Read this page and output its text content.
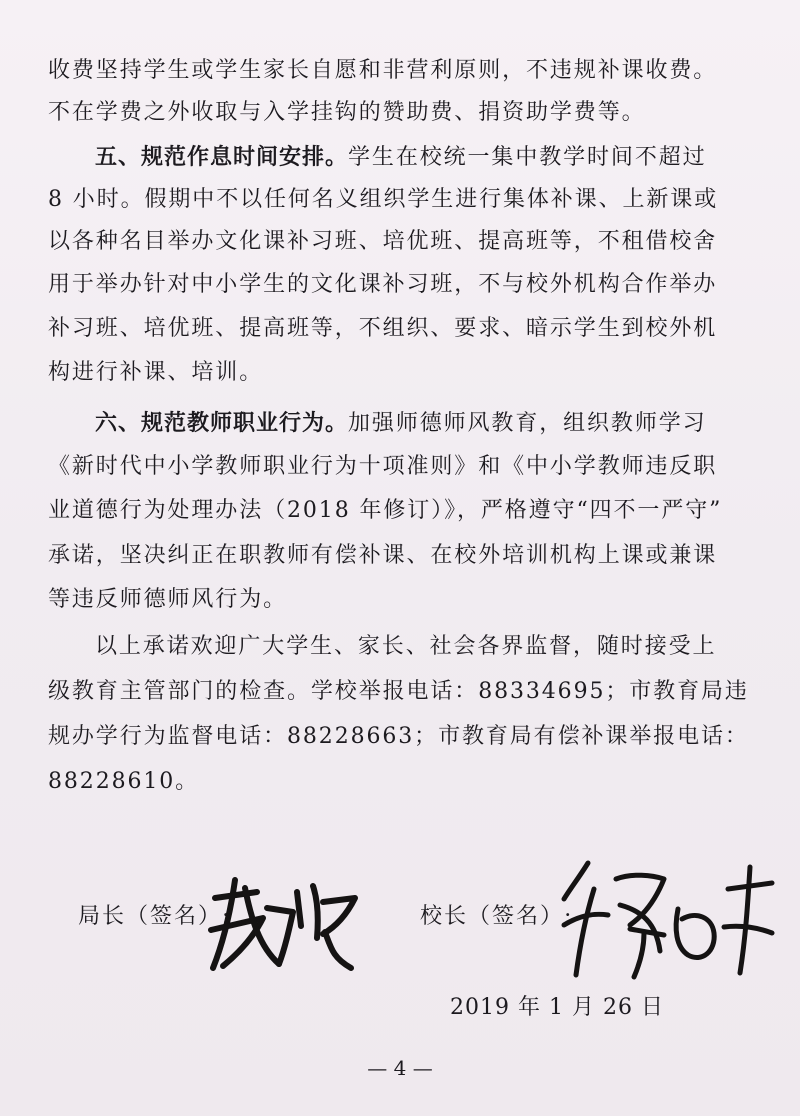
收费坚持学生或学生家长自愿和非营利原则，不违规补课收费。
不在学费之外收取与入学挂钩的赞助费、捐资助学费等。
五、规范作息时间安排。学生在校统一集中教学时间不超过
8 小时。假期中不以任何名义组织学生进行集体补课、上新课或
以各种名目举办文化课补习班、培优班、提高班等，不租借校舍
用于举办针对中小学生的文化课补习班，不与校外机构合作举办
补习班、培优班、提高班等，不组织、要求、暗示学生到校外机
构进行补课、培训。
六、规范教师职业行为。加强师德师风教育，组织教师学习
《新时代中小学教师职业行为十项准则》和《中小学教师违反职
业道德行为处理办法（2018 年修订）》，严格遵守“四不一严守”
承诺，坚决纠正在职教师有偿补课、在校外培训机构上课或兼课
等违反师德师风行为。
以上承诺欢迎广大学生、家长、社会各界监督，随时接受上
级教育主管部门的检查。学校举报电话：88334695；市教育局违
规办学行为监督电话：88228663；市教育局有偿补课举报电话：
88228610。
局长（签名）:	校长（签名）:
2019 年 1 月 26 日
— 4 —
